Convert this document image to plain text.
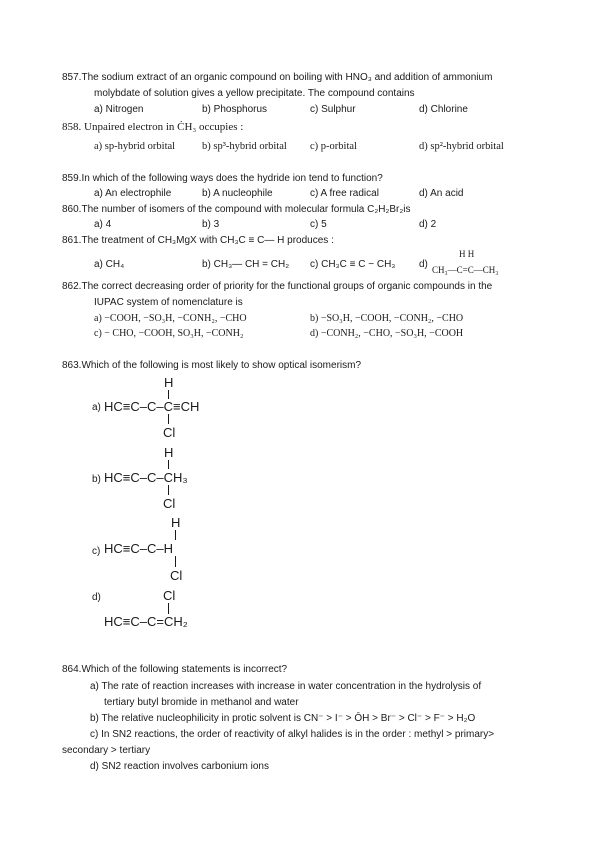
857.The sodium extract of an organic compound on boiling with HNO₃ and addition of ammonium
molybdate of solution gives a yellow precipitate. The compound contains
a) Nitrogen	b) Phosphorus	c) Sulphur	d) Chlorine
858. Unpaired electron in ĊH₃ occupies :
a) sp-hybrid orbital	b) sp³-hybrid orbital c) p-orbital	d) sp²-hybrid orbital
859.In which of the following ways does the hydride ion tend to function?
a) An electrophile	b) A nucleophile	c) A free radical	d) An acid
860.The number of isomers of the compound with molecular formula C₂H₂Br₂is
a) 4	b) 3	c) 5	d) 2
861.The treatment of CH₃MgX with CH₃C ≡ C— H produces :
a) CH₄	b) CH₃— CH = CH₂ c) CH₃C ≡ C − CH₃ d)
H H
CH₃—C=C—CH₃
862.The correct decreasing order of priority for the functional groups of organic compounds in the
IUPAC system of nomenclature is
a) −COOH, −SO₃H, −CONH₂, −CHO	b) −SO₃H, −COOH, −CONH₂, −CHO
c) − CHO, −COOH, SO₃H, −CONH₂	d) −CONH₂, −CHO, −SO₃H, −COOH
863.Which of the following is most likely to show optical isomerism?
a)
H
HC≡C–C–C≡CH
Cl
b)
H
HC≡C–C–CH₃
Cl
c)
H
HC≡C–C–H
Cl
d)	Cl
HC≡C–C=CH₂
864.Which of the following statements is incorrect?
a) The rate of reaction increases with increase in water concentration in the hydrolysis of
tertiary butyl bromide in methanol and water
b) The relative nucleophilicity in protic solvent is CN⁻ > I⁻ > ŌH > Br⁻ > Cl⁻ > F⁻ > H₂O
c) In SN2 reactions, the order of reactivity of alkyl halides is in the order : methyl > primary>
secondary > tertiary
d) SN2 reaction involves carbonium ions
